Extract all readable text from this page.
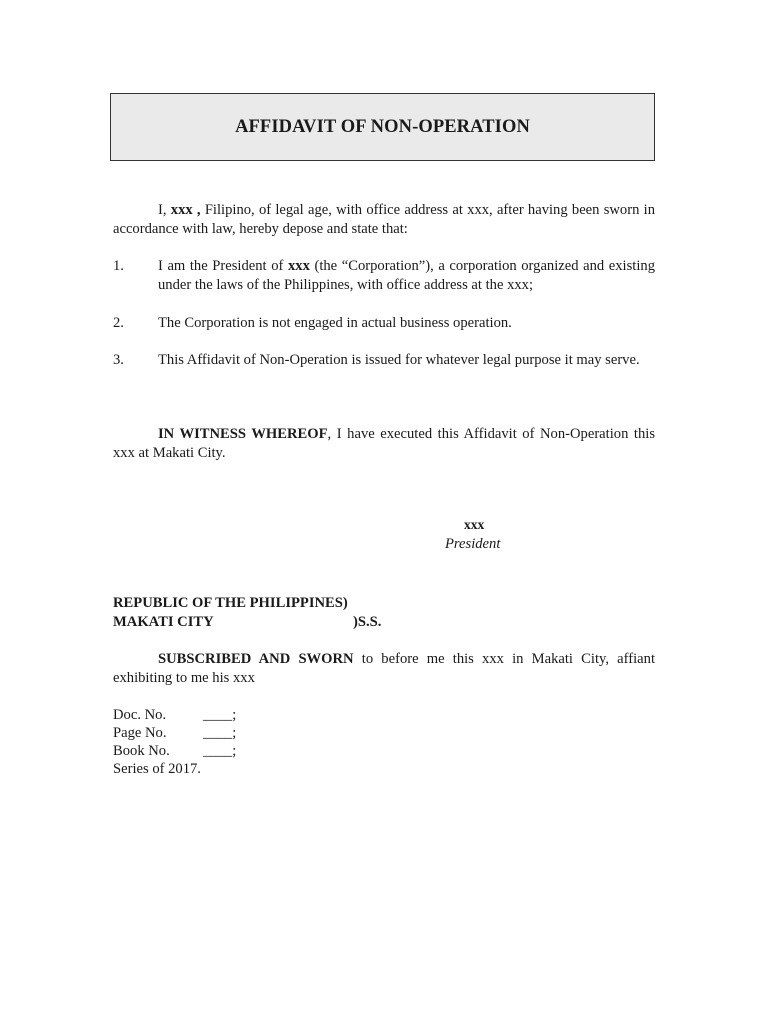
AFFIDAVIT OF NON-OPERATION

I, xxx , Filipino, of legal age, with office address at xxx, after having been sworn in accordance with law, hereby depose and state that:

1. I am the President of xxx (the “Corporation”), a corporation organized and existing under the laws of the Philippines, with office address at the xxx;

2. The Corporation is not engaged in actual business operation.

3. This Affidavit of Non-Operation is issued for whatever legal purpose it may serve.

IN WITNESS WHEREOF, I have executed this Affidavit of Non-Operation this xxx at Makati City.

xxx
President
REPUBLIC OF THE PHILIPPINES)
MAKATI CITY	)S.S.

SUBSCRIBED AND SWORN to before me this xxx in Makati City, affiant exhibiting to me his xxx

Doc. No.	____;
Page No. ____;
Book No. ____;
Series of 2017.
